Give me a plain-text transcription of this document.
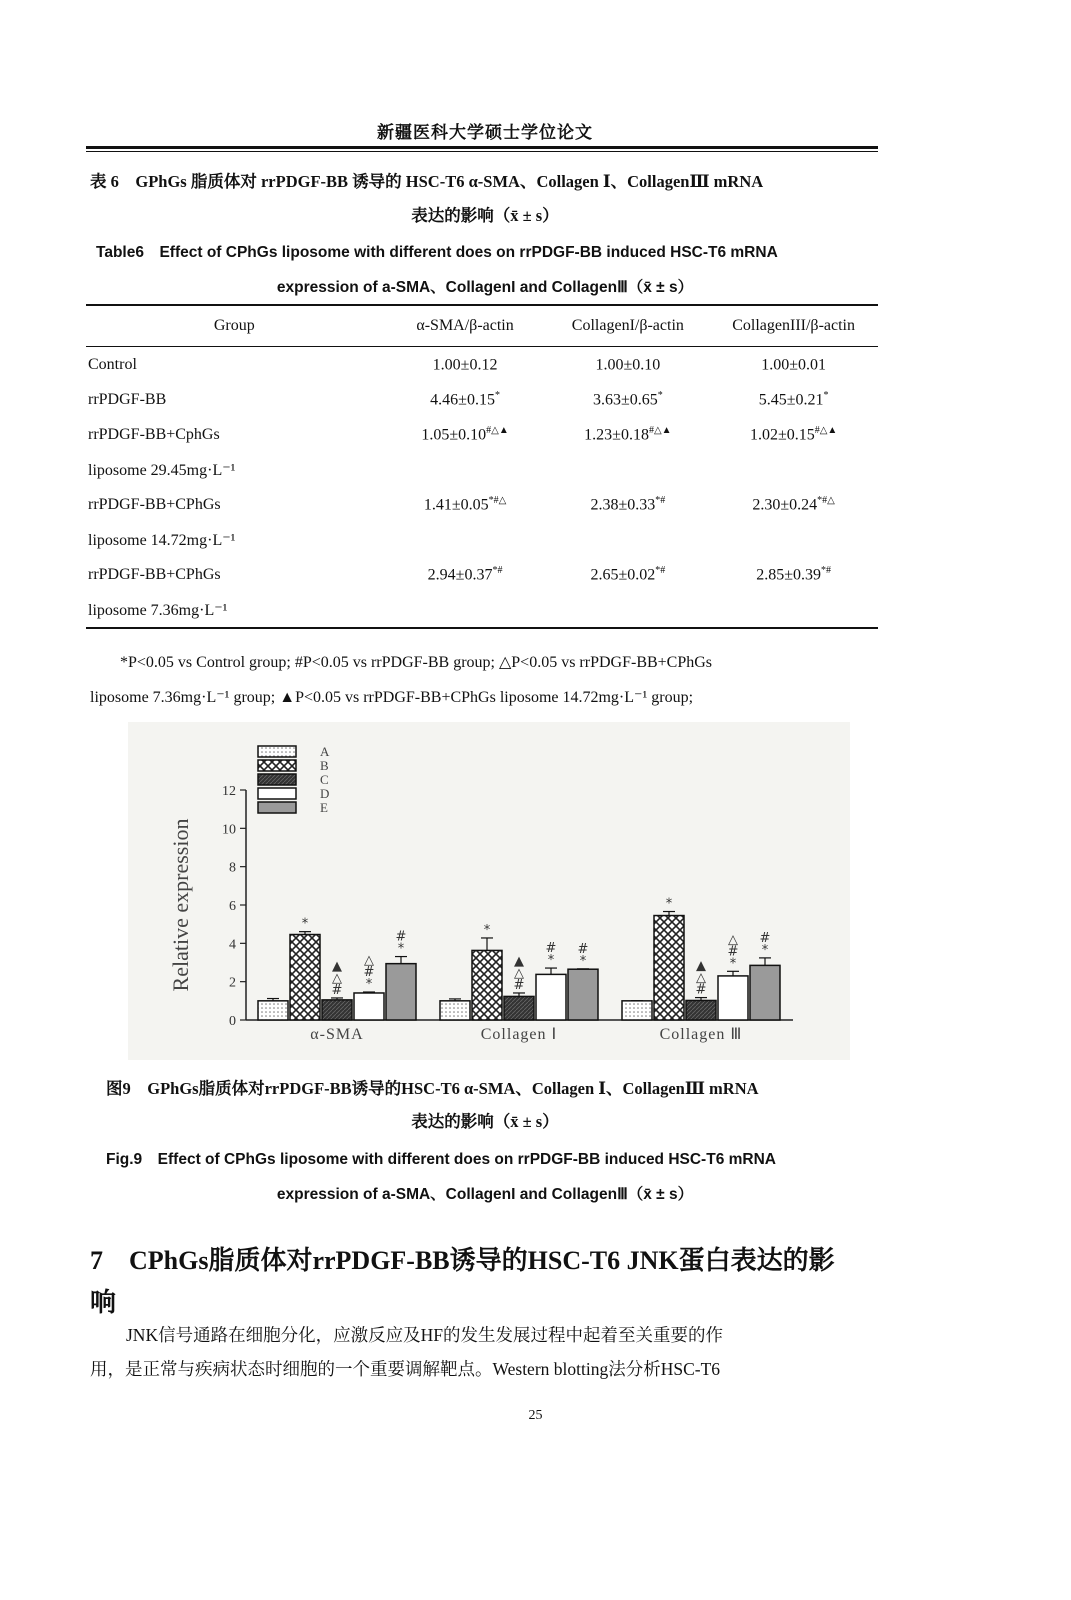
新疆医科大学硕士学位论文
表 6　GPhGs 脂质体对 rrPDGF-BB 诱导的 HSC-T6 α-SMA、Collagen Ⅰ、CollagenⅢ mRNA
表达的影响（x̄ ± s）
Table6　Effect of CPhGs liposome with different does on rrPDGF-BB induced HSC-T6 mRNA
expression of a-SMA、CollagenI and CollagenⅢ（x̄ ± s）
Group	α-SMA/β-actin	CollagenI/β-actin	CollagenIII/β-actin
Control	1.00±0.12	1.00±0.10	1.00±0.01
rrPDGF-BB	4.46±0.15*	3.63±0.65*	5.45±0.21*
rrPDGF-BB+CphGs	1.05±0.10#△▲	1.23±0.18#△▲	1.02±0.15#△▲
liposome 29.45mg·L⁻¹			
rrPDGF-BB+CPhGs	1.41±0.05*#△	2.38±0.33*#	2.30±0.24*#△
liposome 14.72mg·L⁻¹			
rrPDGF-BB+CPhGs	2.94±0.37*#	2.65±0.02*#	2.85±0.39*#
liposome 7.36mg·L⁻¹			
*P<0.05 vs Control group; #P<0.05 vs rrPDGF-BB group; △P<0.05 vs rrPDGF-BB+CPhGs
liposome 7.36mg·L⁻¹ group; ▲P<0.05 vs rrPDGF-BB+CPhGs liposome 14.72mg·L⁻¹ group;
0
2
4
6
8
10
12
Relative expression	*
▲
△
#
△
#
*
#
*
α-SMA
*
▲
△
#
#
*
#
*
Collagen Ⅰ
*
▲
△
#
△
#
*
#
*
Collagen Ⅲ
A
B
C
D
E
图9　GPhGs脂质体对rrPDGF-BB诱导的HSC-T6 α-SMA、Collagen Ⅰ、CollagenⅢ mRNA
表达的影响（x̄ ± s）
Fig.9　Effect of CPhGs liposome with different does on rrPDGF-BB induced HSC-T6 mRNA
expression of a-SMA、CollagenI and CollagenⅢ（x̄ ± s）
7　CPhGs脂质体对rrPDGF-BB诱导的HSC-T6 JNK蛋白表达的影
响
JNK信号通路在细胞分化，应激反应及HF的发生发展过程中起着至关重要的作
用，是正常与疾病状态时细胞的一个重要调解靶点。Western blotting法分析HSC-T6
25
